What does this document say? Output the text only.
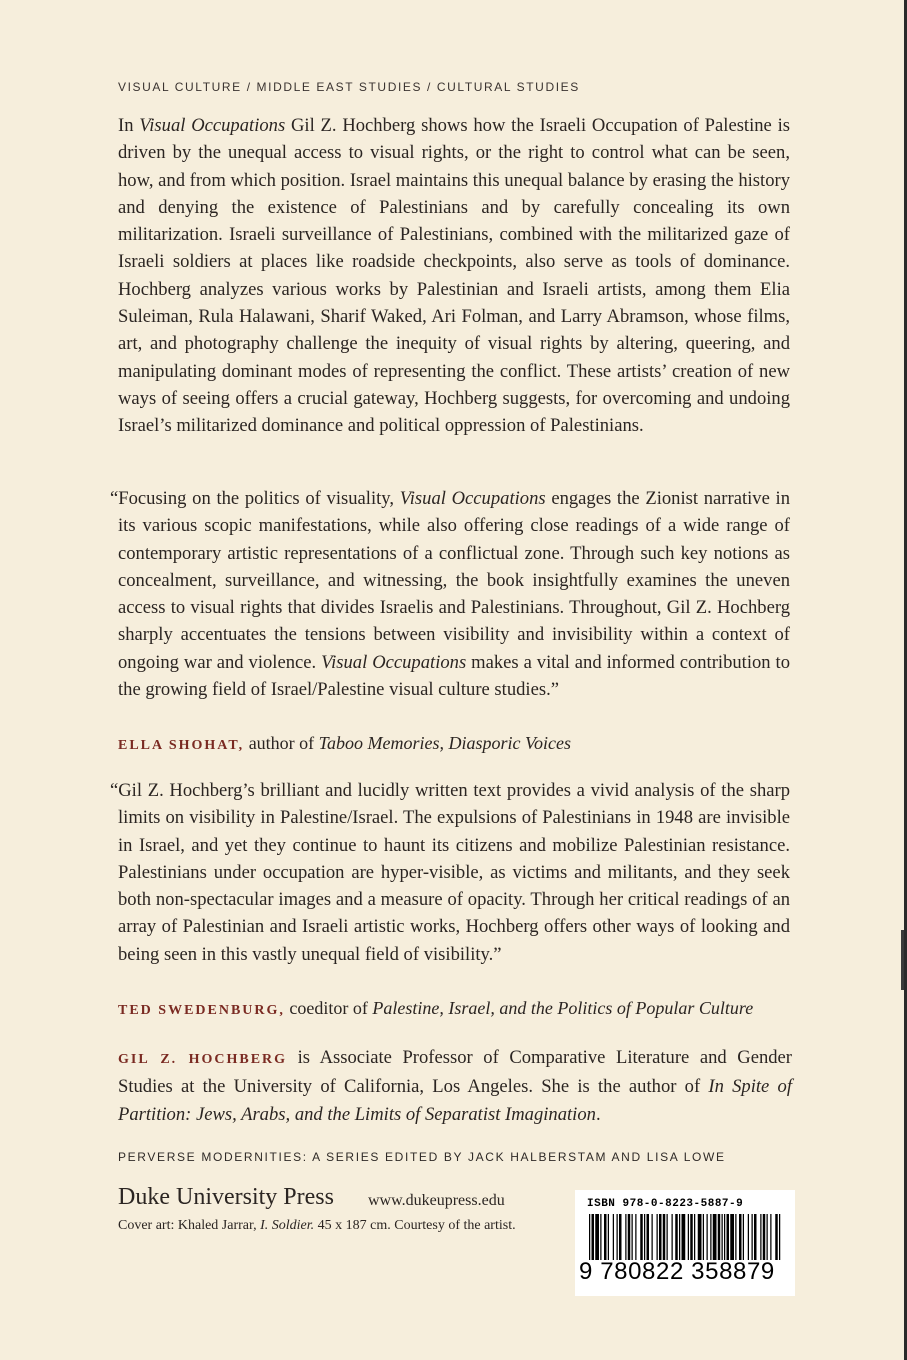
VISUAL CULTURE / MIDDLE EAST STUDIES / CULTURAL STUDIES
In Visual Occupations Gil Z. Hochberg shows how the Israeli Occupation of Palestine is driven by the unequal access to visual rights, or the right to control what can be seen, how, and from which position. Israel maintains this unequal balance by erasing the history and denying the existence of Palestinians and by carefully concealing its own militarization. Israeli surveillance of Palestinians, combined with the militarized gaze of Israeli soldiers at places like roadside checkpoints, also serve as tools of dominance. Hochberg analyzes various works by Palestinian and Israeli artists, among them Elia Suleiman, Rula Halawani, Sharif Waked, Ari Folman, and Larry Abramson, whose films, art, and photography challenge the inequity of visual rights by altering, queering, and manipulating dominant modes of representing the conflict. These artists’ creation of new ways of seeing offers a crucial gateway, Hochberg suggests, for overcoming and undoing Israel’s militarized dominance and political oppression of Palestinians.
“Focusing on the politics of visuality, Visual Occupations engages the Zionist narrative in its various scopic manifestations, while also offering close readings of a wide range of contemporary artistic representations of a conflictual zone. Through such key notions as concealment, surveillance, and witnessing, the book insightfully examines the uneven access to visual rights that divides Israelis and Palestinians. Throughout, Gil Z. Hochberg sharply accentuates the tensions between visibility and invisibility within a context of ongoing war and violence. Visual Occupations makes a vital and informed contribution to the growing field of Israel/Palestine visual culture studies.”
ELLA SHOHAT, author of Taboo Memories, Diasporic Voices
“Gil Z. Hochberg’s brilliant and lucidly written text provides a vivid analysis of the sharp limits on visibility in Palestine/Israel. The expulsions of Palestinians in 1948 are invisible in Israel, and yet they continue to haunt its citizens and mobilize Palestinian resistance. Palestinians under occupation are hyper-visible, as victims and militants, and they seek both non-spectacular images and a measure of opacity. Through her critical readings of an array of Palestinian and Israeli artistic works, Hochberg offers other ways of looking and being seen in this vastly unequal field of visibility.”
TED SWEDENBURG, coeditor of Palestine, Israel, and the Politics of Popular Culture
GIL Z. HOCHBERG is Associate Professor of Comparative Literature and Gender Studies at the University of California, Los Angeles. She is the author of In Spite of Partition: Jews, Arabs, and the Limits of Separatist Imagination.
PERVERSE MODERNITIES: A SERIES EDITED BY JACK HALBERSTAM AND LISA LOWE
Duke University Press www.dukeupress.edu
Cover art: Khaled Jarrar, I. Soldier. 45 x 187 cm. Courtesy of the artist.
ISBN 978-0-8223-5887-9
9 780822 358879
